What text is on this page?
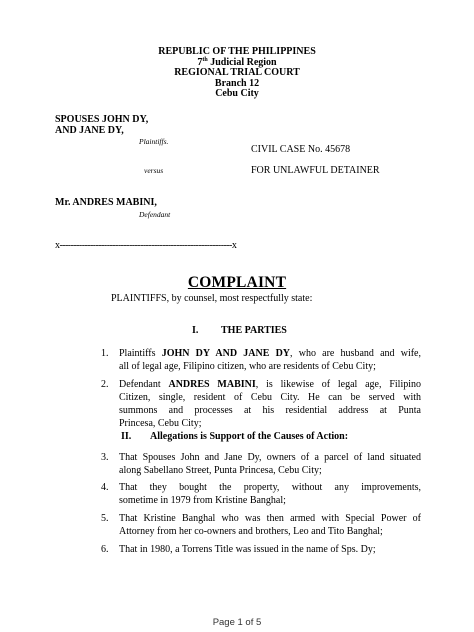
REPUBLIC OF THE PHILIPPINES
7th Judicial Region
REGIONAL TRIAL COURT
Branch 12
Cebu City
SPOUSES JOHN DY,
AND JANE DY,
Plaintiffs.
CIVIL CASE No. 45678
versus	FOR UNLAWFUL DETAINER
Mr. ANDRES MABINI,
Defendant
x--------------------------------------------------------------x
COMPLAINT
PLAINTIFFS, by counsel, most respectfully state:
I. THE PARTIES
1. Plaintiffs JOHN DY AND JANE DY, who are husband and wife,
all of legal age, Filipino citizen, who are residents of Cebu City;
2. Defendant ANDRES MABINI, is likewise of legal age, Filipino
Citizen, single, resident of Cebu City. He can be served with
summons and processes at his residential address at Punta
Princesa, Cebu City;
II. Allegations is Support of the Causes of Action:
3. That Spouses John and Jane Dy, owners of a parcel of land situated
along Sabellano Street, Punta Princesa, Cebu City;
4. That they bought the property, without any improvements,
sometime in 1979 from Kristine Banghal;
5. That Kristine Banghal who was then armed with Special Power of
Attorney from her co-owners and brothers, Leo and Tito Banghal;
6. That in 1980, a Torrens Title was issued in the name of Sps. Dy;
Page 1 of 5
